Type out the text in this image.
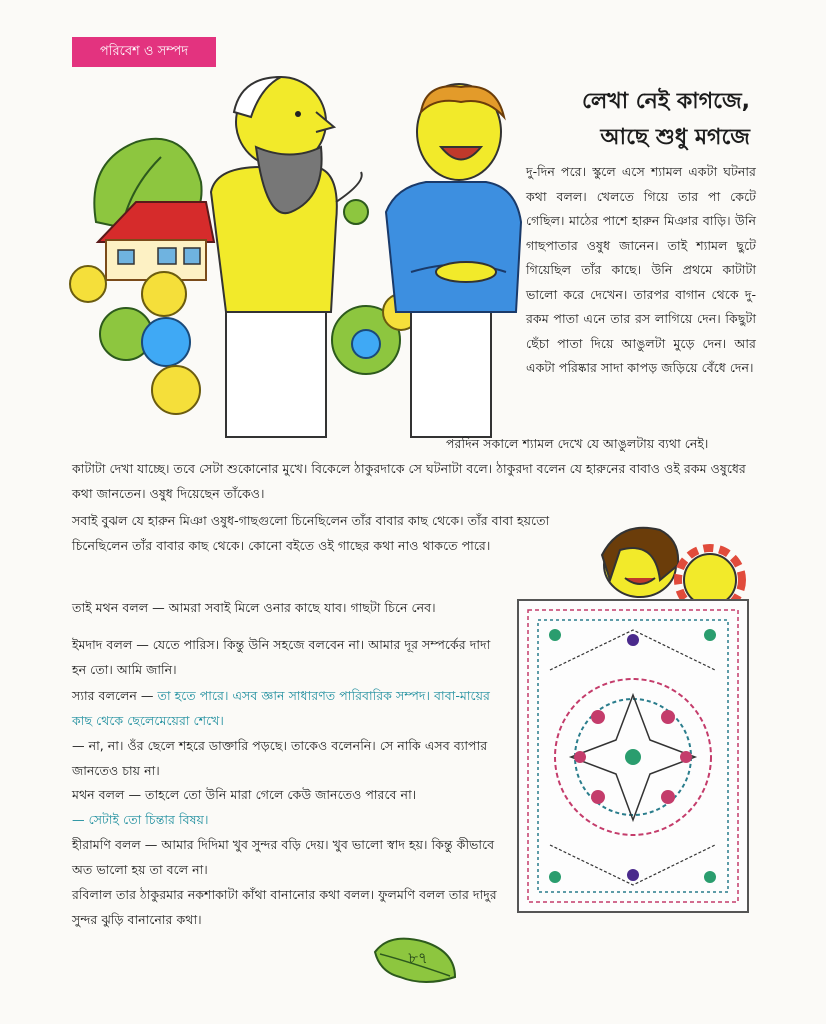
পরিবেশ ও সম্পদ
লেখা নেই কাগজে,
আছে শুধু মগজে

দু-দিন পরে। স্কুলে এসে শ্যামল একটা ঘটনার কথা বলল। খেলতে গিয়ে তার পা কেটে গেছিল। মাঠের পাশে হারুন মিঞার বাড়ি। উনি গাছপাতার ওষুধ জানেন। তাই শ্যামল ছুটে গিয়েছিল তাঁর কাছে। উনি প্রথমে কাটাটা ভালো করে দেখেন। তারপর বাগান থেকে দু-রকম পাতা এনে তার রস লাগিয়ে দেন। কিছুটা ছেঁচা পাতা দিয়ে আঙুলটা মুড়ে দেন। আর একটা পরিষ্কার সাদা কাপড় জড়িয়ে বেঁধে দেন।

পরদিন সকালে শ্যামল দেখে যে আঙুলটায় ব্যথা নেই।

কাটাটা দেখা যাচ্ছে। তবে সেটা শুকোনোর মুখে। বিকেলে ঠাকুরদাকে সে ঘটনাটা বলে। ঠাকুরদা বলেন যে হারুনের বাবাও ওই রকম ওষুধের কথা জানতেন। ওষুধ দিয়েছেন তাঁকেও।

সবাই বুঝল যে হারুন মিঞা ওষুধ-গাছগুলো চিনেছিলেন তাঁর বাবার কাছ থেকে। তাঁর বাবা হয়তো চিনেছিলেন তাঁর বাবার কাছ থেকে। কোনো বইতে ওই গাছের কথা নাও থাকতে পারে।

তাই মথন বলল — আমরা সবাই মিলে ওনার কাছে যাব। গাছটা চিনে নেব।

ইমদাদ বলল — যেতে পারিস। কিন্তু উনি সহজে বলবেন না। আমার দূর সম্পর্কের দাদা হন তো। আমি জানি।

স্যার বললেন — তা হতে পারে। এসব জ্ঞান সাধারণত পারিবারিক সম্পদ। বাবা-মায়ের কাছ থেকে ছেলেমেয়েরা শেখে।

— না, না। ওঁর ছেলে শহরে ডাক্তারি পড়ছে। তাকেও বলেননি। সে নাকি এসব ব্যাপার জানতেও চায় না।

মথন বলল — তাহলে তো উনি মারা গেলে কেউ জানতেও পারবে না।

— সেটাই তো চিন্তার বিষয়।

হীরামণি বলল — আমার দিদিমা খুব সুন্দর বড়ি দেয়। খুব ভালো স্বাদ হয়। কিন্তু কীভাবে অত ভালো হয় তা বলে না।

রবিলাল তার ঠাকুরমার নকশাকাটা কাঁথা বানানোর কথা বলল। ফুলমণি বলল তার দাদুর সুন্দর ঝুড়ি বানানোর কথা।

৮৭
